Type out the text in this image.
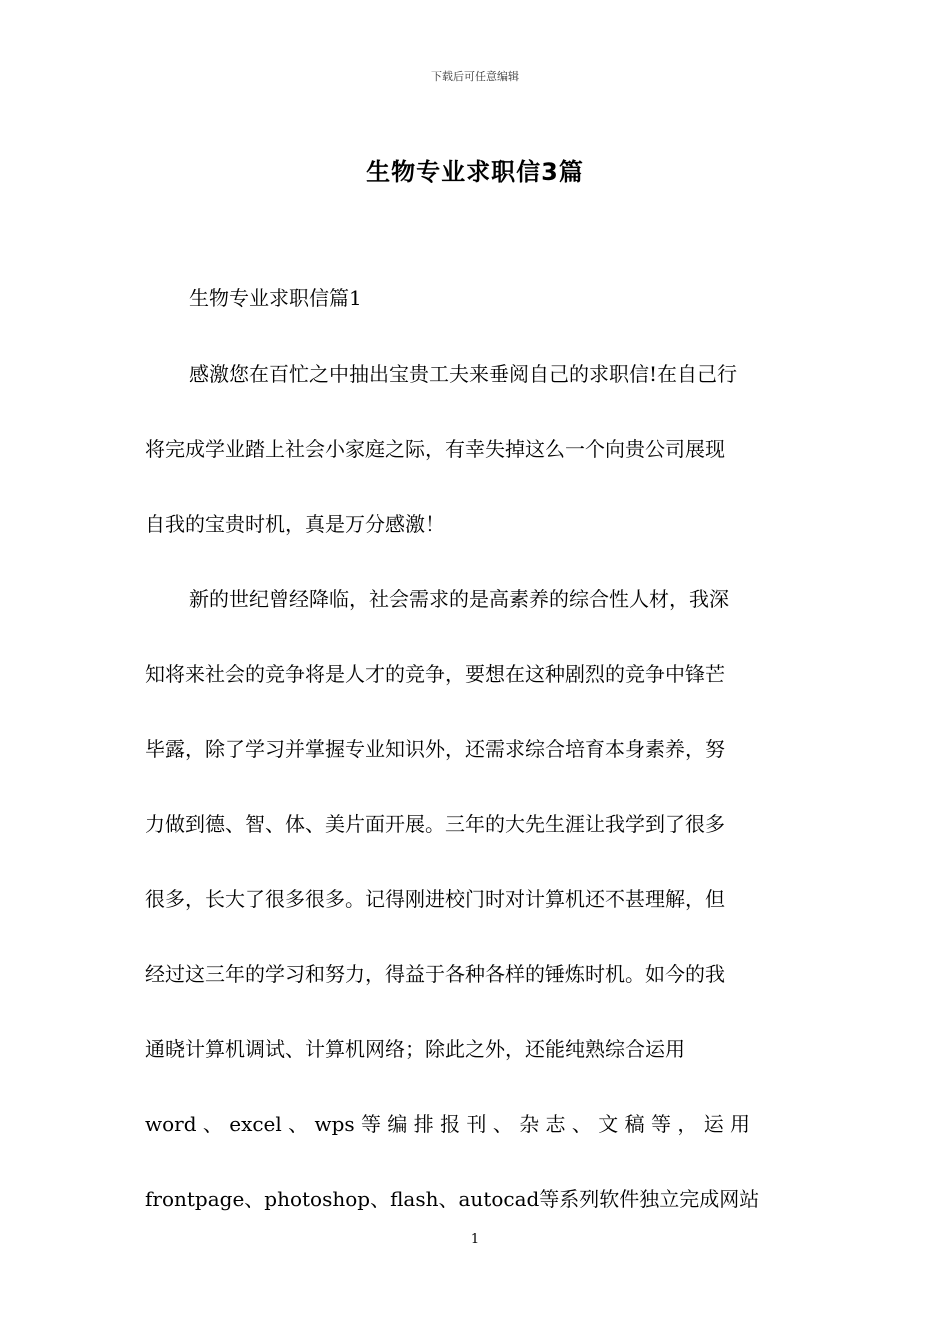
下载后可任意编辑
生物专业求职信3篇
生物专业求职信篇1
感激您在百忙之中抽出宝贵工夫来垂阅自己的求职信!在自己行
将完成学业踏上社会小家庭之际，有幸失掉这么一个向贵公司展现
自我的宝贵时机，真是万分感激！
新的世纪曾经降临，社会需求的是高素养的综合性人材，我深
知将来社会的竞争将是人才的竞争，要想在这种剧烈的竞争中锋芒
毕露，除了学习并掌握专业知识外，还需求综合培育本身素养，努
力做到德、智、体、美片面开展。三年的大先生涯让我学到了很多
很多，长大了很多很多。记得刚进校门时对计算机还不甚理解，但
经过这三年的学习和努力，得益于各种各样的锤炼时机。如今的我
通晓计算机调试、计算机网络；除此之外，还能纯熟综合运用
word 、 excel 、 wps 等 编 排 报 刊 、 杂 志 、 文 稿 等 ， 运 用
frontpage、photoshop、flash、autocad等系列软件独立完成网站
1
